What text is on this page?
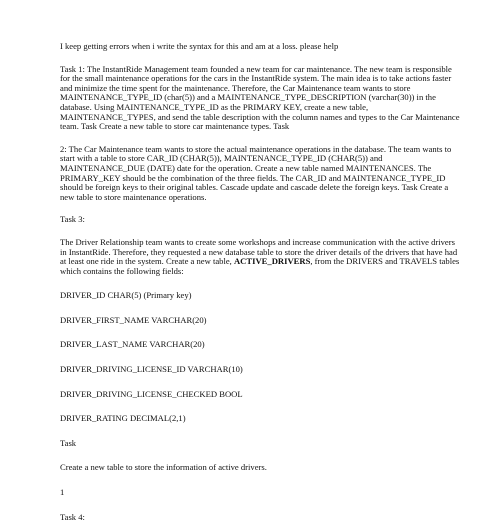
I keep getting errors when i write the syntax for this and am at a loss. please help

Task 1: The InstantRide Management team founded a new team for car maintenance. The new team is responsible for the small maintenance operations for the cars in the InstantRide system. The main idea is to take actions faster and minimize the time spent for the maintenance. Therefore, the Car Maintenance team wants to store MAINTENANCE_TYPE_ID (char(5)) and a MAINTENANCE_TYPE_DESCRIPTION (varchar(30)) in the database. Using MAINTENANCE_TYPE_ID as the PRIMARY KEY, create a new table, MAINTENANCE_TYPES, and send the table description with the column names and types to the Car Maintenance team. Task Create a new table to store car maintenance types. Task

2: The Car Maintenance team wants to store the actual maintenance operations in the database. The team wants to start with a table to store CAR_ID (CHAR(5)), MAINTENANCE_TYPE_ID (CHAR(5)) and MAINTENANCE_DUE (DATE) date for the operation. Create a new table named MAINTENANCES. The PRIMARY_KEY should be the combination of the three fields. The CAR_ID and MAINTENANCE_TYPE_ID should be foreign keys to their original tables. Cascade update and cascade delete the foreign keys. Task Create a new table to store maintenance operations.

Task 3:

The Driver Relationship team wants to create some workshops and increase communication with the active drivers in InstantRide. Therefore, they requested a new database table to store the driver details of the drivers that have had at least one ride in the system. Create a new table, ACTIVE_DRIVERS, from the DRIVERS and TRAVELS tables which contains the following fields:

DRIVER_ID CHAR(5) (Primary key)

DRIVER_FIRST_NAME VARCHAR(20)

DRIVER_LAST_NAME VARCHAR(20)

DRIVER_DRIVING_LICENSE_ID VARCHAR(10)

DRIVER_DRIVING_LICENSE_CHECKED BOOL

DRIVER_RATING DECIMAL(2,1)

Task

Create a new table to store the information of active drivers.

1

Task 4:
